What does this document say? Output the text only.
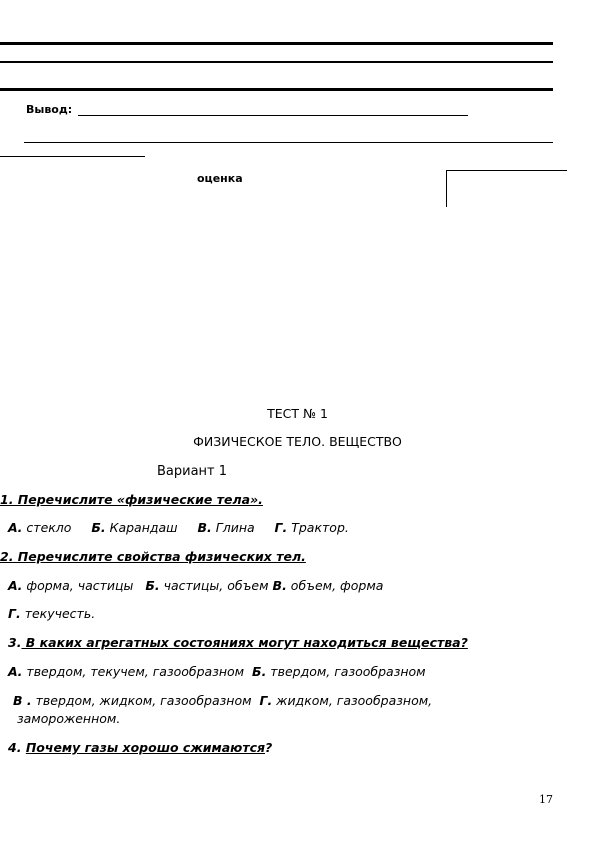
Вывод:
оценка
ТЕСТ № 1
ФИЗИЧЕСКОЕ ТЕЛО. ВЕЩЕСТВО
Вариант 1
1. Перечислите «физические тела».
А. стекло Б. Карандаш В. Глина Г. Трактор.
2. Перечислите свойства физических тел.
А. форма, частицы Б. частицы, объем В. объем, форма
Г. текучесть.
3. В каких агрегатных состояниях могут находиться вещества?
А. твердом, текучем, газообразном Б. твердом, газообразном
В . твердом, жидком, газообразном Г. жидком, газообразном,
замороженном.
4. Почему газы хорошо сжимаются?
17
